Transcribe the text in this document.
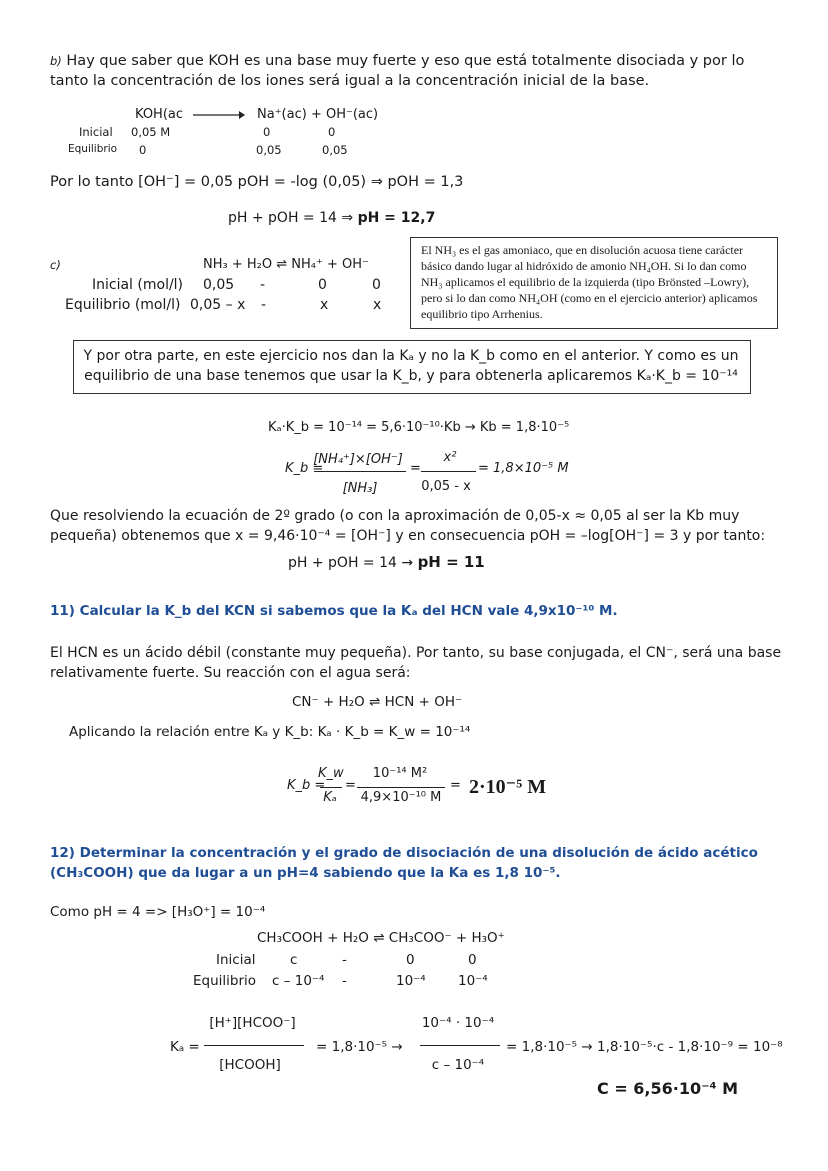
b) Hay que saber que KOH es una base muy fuerte y eso que está totalmente disociada y por lo tanto la concentración de los iones será igual a la concentración inicial de la base.
KOH(ac → Na⁺(ac) + OH⁻(ac)
Inicial 0,05 M	0	0
Equilibrio 0	0,05	0,05
Por lo tanto [OH⁻] = 0,05 pOH = -log (0,05) ⇒ pOH = 1,3
pH + pOH = 14 ⇒ pH = 12,7
c)	NH₃ + H₂O ⇌ NH₄⁺ + OH⁻
Inicial (mol/l) 0,05 -	0	0
Equilibrio (mol/l) 0,05 – x -	x	x
El NH₃ es el gas amoniaco, que en disolución acuosa tiene carácter básico dando lugar al hidróxido de amonio NH₄OH. Si lo dan como NH₃ aplicamos el equilibrio de la izquierda (tipo Brönsted –Lowry), pero si lo dan como NH₄OH (como en el ejercicio anterior) aplicamos equilibrio tipo Arrhenius.
Y por otra parte, en este ejercicio nos dan la Kₐ y no la K_b como en el anterior. Y como es un equilibrio de una base tenemos que usar la K_b, y para obtenerla aplicaremos Kₐ·K_b = 10⁻¹⁴
Kₐ·K_b = 10⁻¹⁴ = 5,6·10⁻¹⁰·Kb → Kb = 1,8·10⁻⁵
K_b =
[NH₄⁺]×[OH⁻]
[NH₃]
=
x²
0,05 - x
= 1,8×10⁻⁵ M
Que resolviendo la ecuación de 2º grado (o con la aproximación de 0,05-x ≈ 0,05 al ser la Kb muy pequeña) obtenemos que x = 9,46·10⁻⁴ = [OH⁻] y en consecuencia pOH = –log[OH⁻] = 3 y por tanto:
pH + pOH = 14 → pH = 11
11) Calcular la K_b del KCN si sabemos que la Kₐ del HCN vale 4,9x10⁻¹⁰ M.
El HCN es un ácido débil (constante muy pequeña). Por tanto, su base conjugada, el CN⁻, será una base relativamente fuerte. Su reacción con el agua será:
CN⁻ + H₂O ⇌ HCN + OH⁻
Aplicando la relación entre Kₐ y K_b: Kₐ · K_b = K_w = 10⁻¹⁴
K_b =
K_w
Kₐ
=
10⁻¹⁴ M²
4,9×10⁻¹⁰ M
= 2·10⁻⁵ M
12) Determinar la concentración y el grado de disociación de una disolución de ácido acético (CH₃COOH) que da lugar a un pH=4 sabiendo que la Ka es 1,8 10⁻⁵.
Como pH = 4 => [H₃O⁺] = 10⁻⁴
CH₃COOH + H₂O ⇌ CH₃COO⁻ + H₃O⁺
Inicial	c	-	0	0
Equilibrio c – 10⁻⁴ -	10⁻⁴ 10⁻⁴
Kₐ =
[H⁺][HCOO⁻]
[HCOOH]
= 1,8·10⁻⁵ →
10⁻⁴ · 10⁻⁴
c – 10⁻⁴
= 1,8·10⁻⁵ → 1,8·10⁻⁵·c - 1,8·10⁻⁹ = 10⁻⁸
C = 6,56·10⁻⁴ M
